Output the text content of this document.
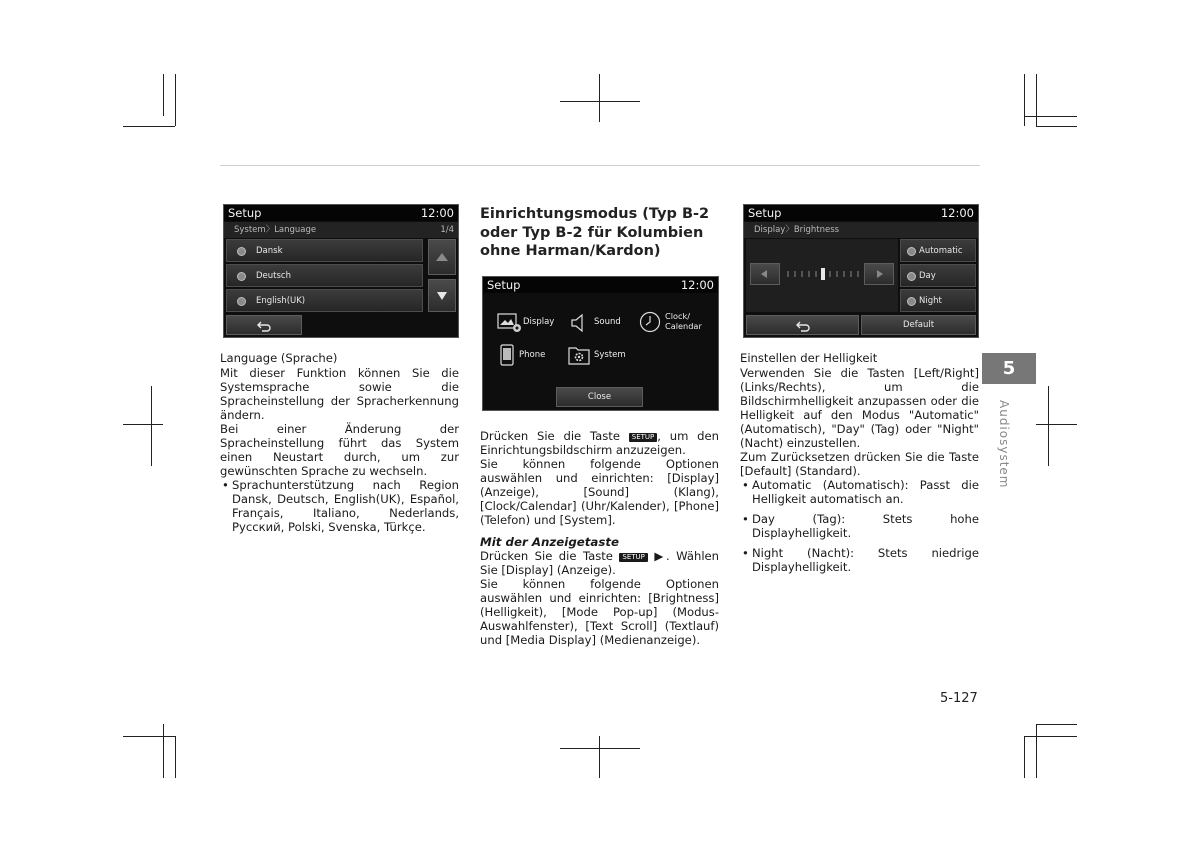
Setup	12:00
System〉Language	1/4
Dansk
Deutsch
English(UK)
Setup	12:00
Display	Sound
Clock/
Calendar
Phone	System
Close
Setup	12:00
Display〉Brightness
Automatic
Day
Night
Default

Language (Sprache)

Mit dieser Funktion können Sie die Systemsprache sowie die Spracheinstellung der Spracherkennung ändern.

Bei einer Änderung der Spracheinstellung führt das System einen Neustart durch, um zur gewünschten Sprache zu wechseln.

• Sprachunterstützung nach Region Dansk, Deutsch, English(UK), Español, Français, Italiano, Nederlands, Pусский, Polski, Svenska, Türkçe.

Einrichtungsmodus (Typ B-2 oder Typ B-2 für Kolumbien ohne Harman/Kardon)

Drücken Sie die Taste SETUP , um den Einrichtungsbildschirm anzuzeigen.

Sie können folgende Optionen auswählen und einrichten: [Display] (Anzeige), [Sound] (Klang), [Clock/Calendar] (Uhr/Kalender), [Phone] (Telefon) und [System].

Mit der Anzeigetaste

Drücken Sie die Taste SETUP ▶. Wählen Sie [Display] (Anzeige).

Sie können folgende Optionen auswählen und einrichten: [Brightness] (Helligkeit), [Mode Pop-up] (Modus-Auswahlfenster), [Text Scroll] (Textlauf) und [Media Display] (Medienanzeige).

Einstellen der Helligkeit

Verwenden Sie die Tasten [Left/Right] (Links/Rechts), um die Bildschirmhelligkeit anzupassen oder die Helligkeit auf den Modus "Automatic" (Automatisch), "Day" (Tag) oder "Night" (Nacht) einzustellen.

Zum Zurücksetzen drücken Sie die Taste [Default] (Standard).

• Automatic (Automatisch): Passt die Helligkeit automatisch an.

• Day (Tag): Stets hohe Displayhelligkeit.

• Night (Nacht): Stets niedrige Displayhelligkeit.

5
Audiosystem
5-127
